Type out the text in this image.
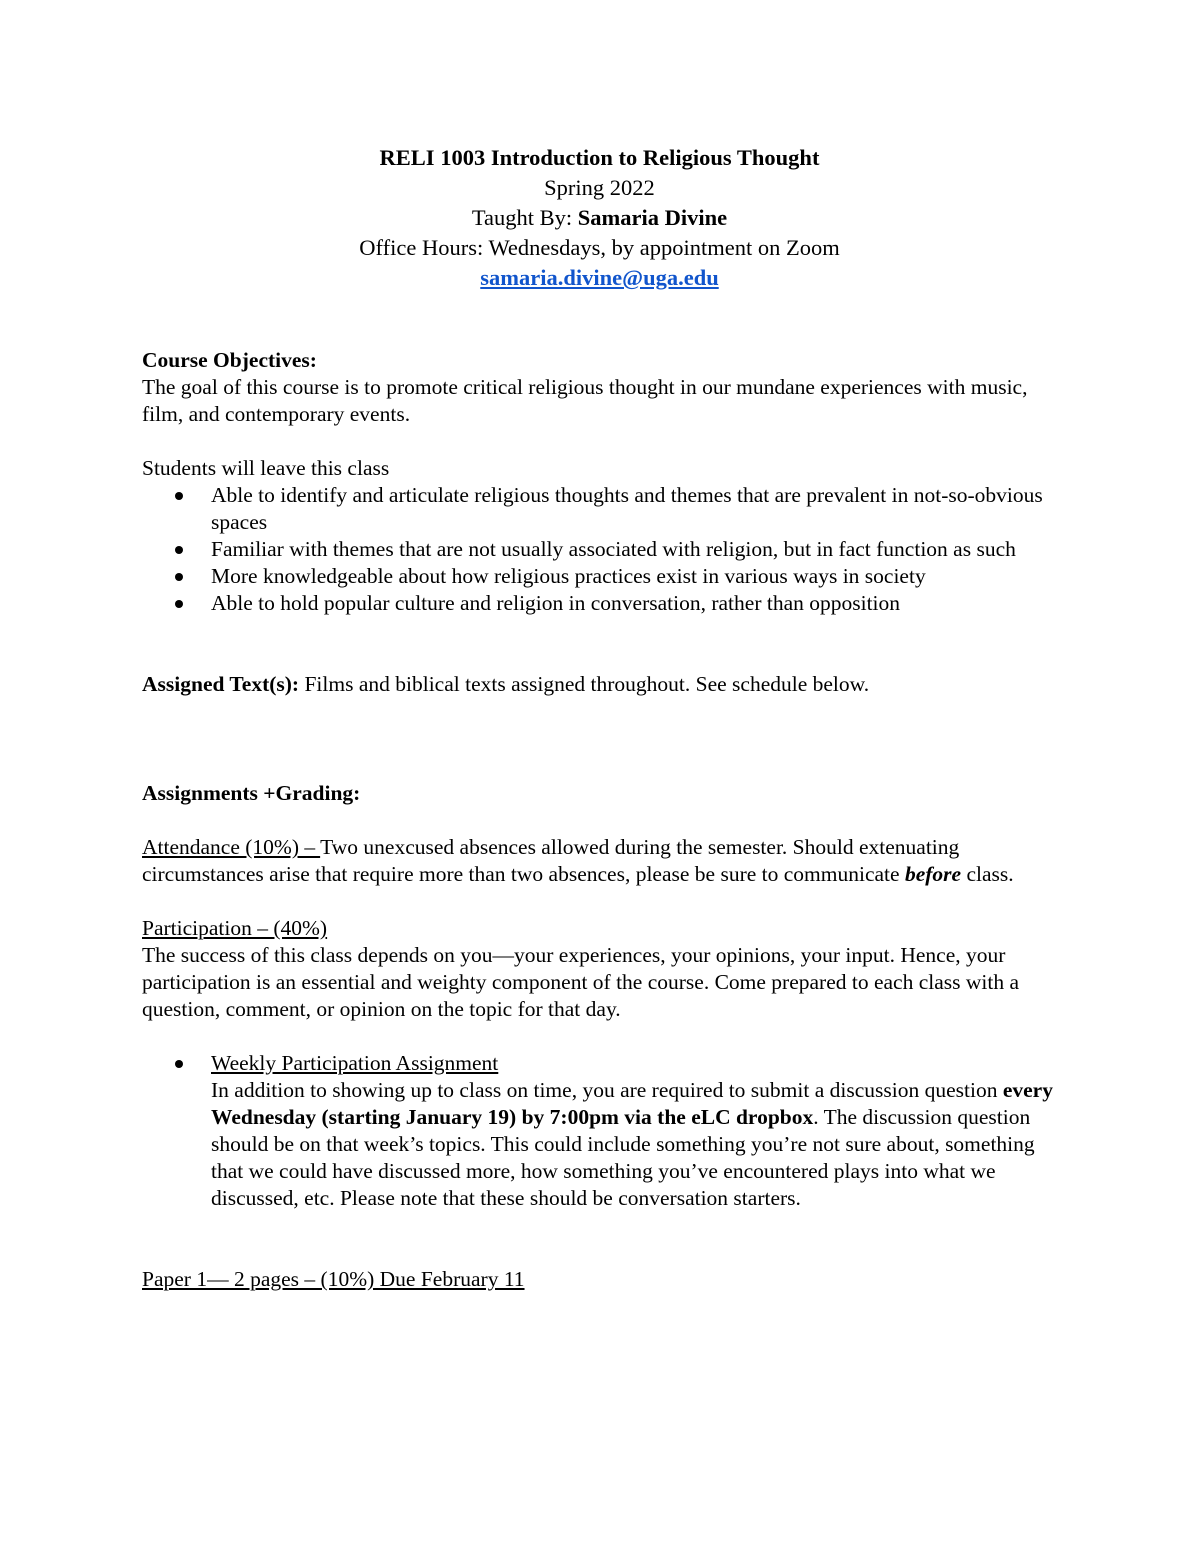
RELI 1003 Introduction to Religious Thought
Spring 2022
Taught By: Samaria Divine
Office Hours: Wednesdays, by appointment on Zoom
samaria.divine@uga.edu

Course Objectives:

The goal of this course is to promote critical religious thought in our mundane experiences with music, film, and contemporary events.

Students will leave this class

Able to identify and articulate religious thoughts and themes that are prevalent in not-so-obvious spaces
Familiar with themes that are not usually associated with religion, but in fact function as such
More knowledgeable about how religious practices exist in various ways in society
Able to hold popular culture and religion in conversation, rather than opposition

Assigned Text(s): Films and biblical texts assigned throughout. See schedule below.

Assignments +Grading:

Attendance (10%) – Two unexcused absences allowed during the semester. Should extenuating circumstances arise that require more than two absences, please be sure to communicate before class.

Participation – (40%)

The success of this class depends on you—your experiences, your opinions, your input. Hence, your participation is an essential and weighty component of the course. Come prepared to each class with a question, comment, or opinion on the topic for that day.

Weekly Participation Assignment
In addition to showing up to class on time, you are required to submit a discussion question every Wednesday (starting January 19) by 7:00pm via the eLC dropbox. The discussion question should be on that week’s topics. This could include something you’re not sure about, something that we could have discussed more, how something you’ve encountered plays into what we discussed, etc. Please note that these should be conversation starters.

Paper 1— 2 pages – (10%) Due February 11
